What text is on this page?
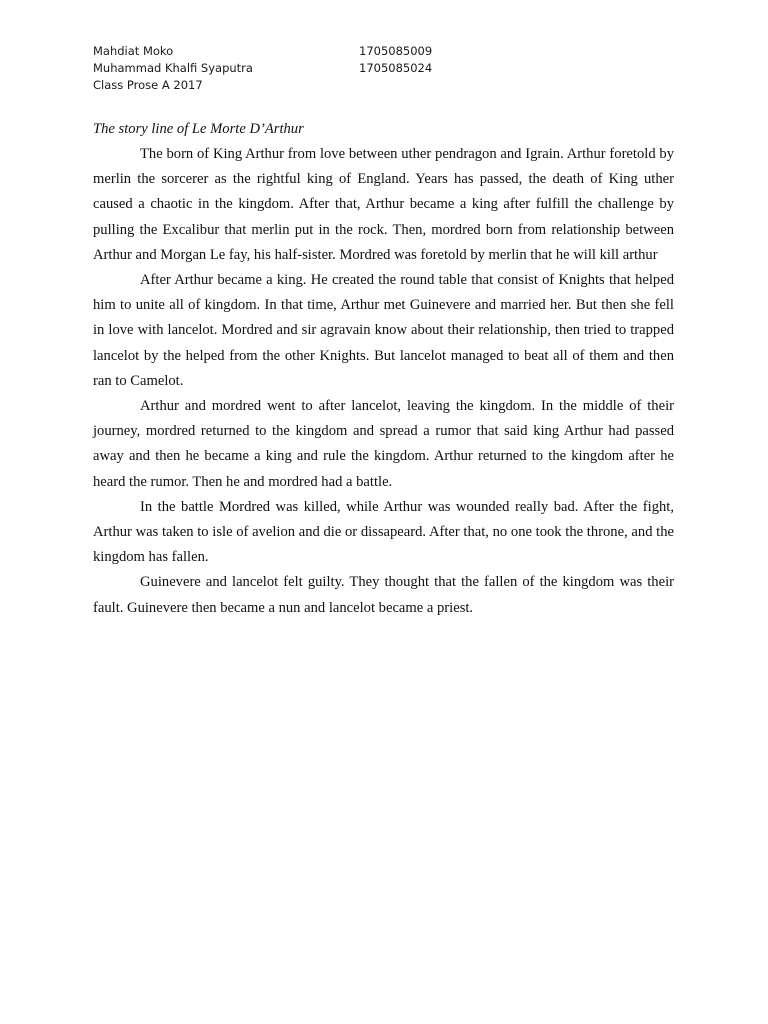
Mahdiat Moko	1705085009
Muhammad Khalfi Syaputra	1705085024
Class Prose A 2017

The story line of Le Morte D’Arthur

The born of King Arthur from love between uther pendragon and Igrain. Arthur foretold by merlin the sorcerer as the rightful king of England. Years has passed, the death of King uther caused a chaotic in the kingdom. After that, Arthur became a king after fulfill the challenge by pulling the Excalibur that merlin put in the rock. Then, mordred born from relationship between Arthur and Morgan Le fay, his half-sister. Mordred was foretold by merlin that he will kill arthur

After Arthur became a king. He created the round table that consist of Knights that helped him to unite all of kingdom. In that time, Arthur met Guinevere and married her. But then she fell in love with lancelot. Mordred and sir agravain know about their relationship, then tried to trapped lancelot by the helped from the other Knights. But lancelot managed to beat all of them and then ran to Camelot.

Arthur and mordred went to after lancelot, leaving the kingdom. In the middle of their journey, mordred returned to the kingdom and spread a rumor that said king Arthur had passed away and then he became a king and rule the kingdom. Arthur returned to the kingdom after he heard the rumor. Then he and mordred had a battle.

In the battle Mordred was killed, while Arthur was wounded really bad. After the fight, Arthur was taken to isle of avelion and die or dissapeard. After that, no one took the throne, and the kingdom has fallen.

Guinevere and lancelot felt guilty. They thought that the fallen of the kingdom was their fault. Guinevere then became a nun and lancelot became a priest.
